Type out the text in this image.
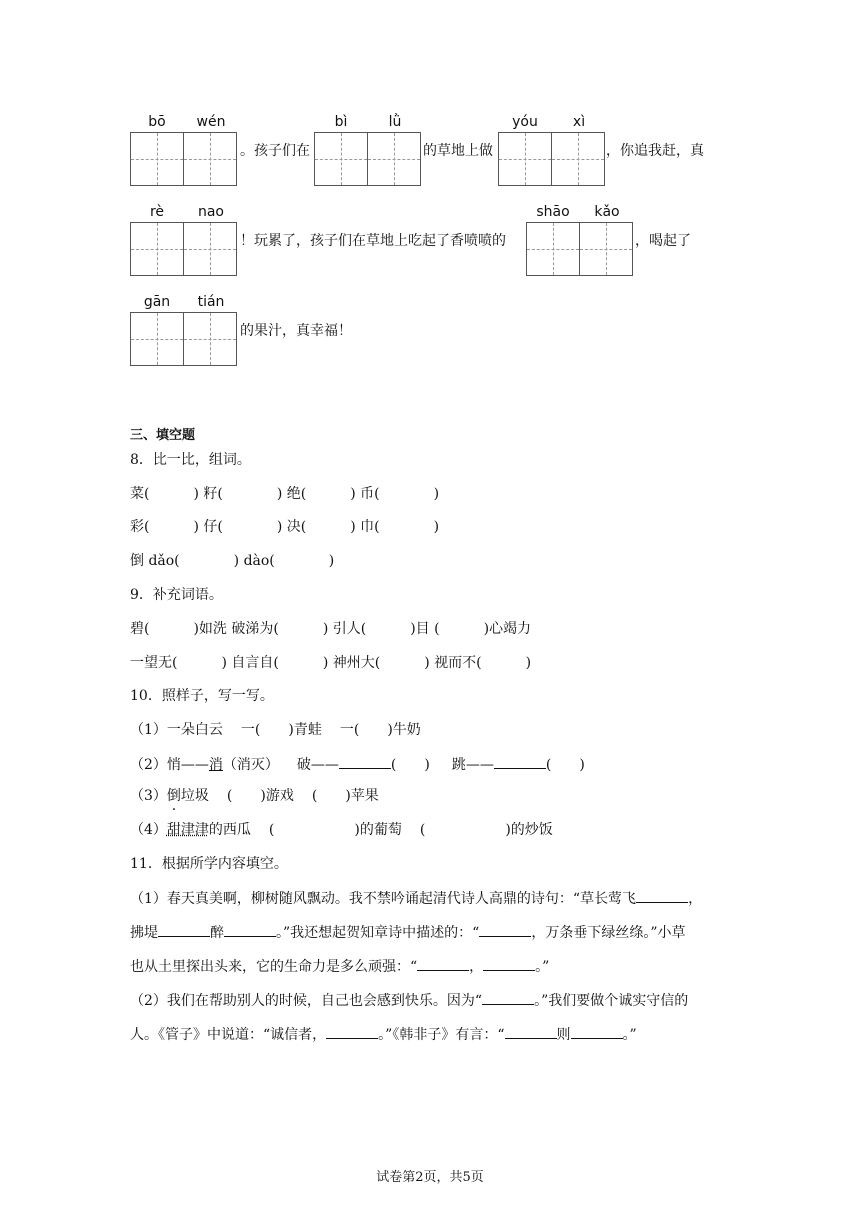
bō	wén
。孩子们在
bì	lǜ
的草地上做
yóu	xì
，你追我赶，真
rè	nao
！玩累了，孩子们在草地上吃起了香喷喷的
shāo	kǎo
，喝起了
gān	tián
的果汁，真幸福！
三、填空题
8．比一比，组词。
菜(	) 籽(	) 绝(	) 币(	)
彩(	) 仔(	) 决(	) 巾(	)
倒 dǎo(	) dào(	)
9．补充词语。
碧(	)如洗 破涕为(	) 引人(	)目 (	)心竭力
一望无(	) 自言自(	) 神州大(	) 视而不(	)
10．照样子，写一写。
（1）一朵白云 一( )青蛙 一( )牛奶
（2）悄——消（消灭） 破——	( ) 跳——	( )
（3）倒垃圾 ( )游戏 ( )苹果
（4）甜津津的西瓜 (	)的葡萄 (	)的炒饭
11．根据所学内容填空。
（1）春天真美啊，柳树随风飘动。我不禁吟诵起清代诗人高鼎的诗句：“草长莺飞	，
拂堤	醉	。”我还想起贺知章诗中描述的：“	，万条垂下绿丝绦。”小草
也从土里探出头来，它的生命力是多么顽强：“	，	。”
（2）我们在帮助别人的时候，自己也会感到快乐。因为“	。”我们要做个诚实守信的
人。《管子》中说道：“诚信者，	。”《韩非子》有言：“	则	。”
试卷第2页，共5页
